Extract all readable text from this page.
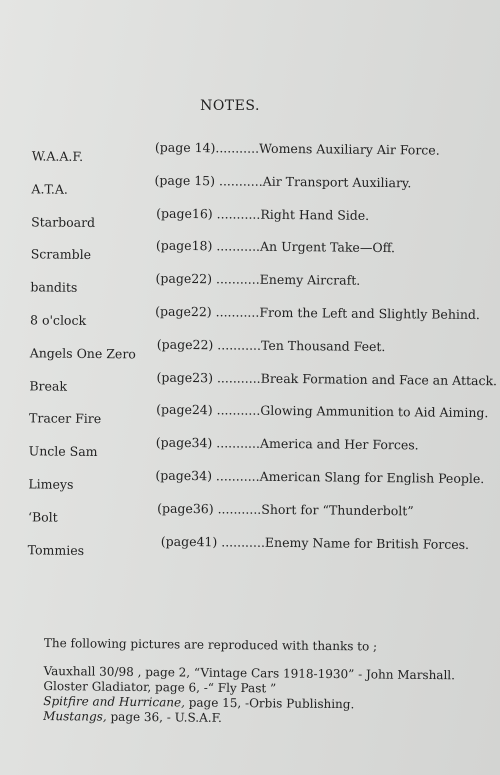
NOTES.
W.A.A.F.	(page 14)...........Womens Auxiliary Air Force.
A.T.A.	(page 15) ...........Air Transport Auxiliary.
Starboard	(page16) ...........Right Hand Side.
Scramble	(page18) ...........An Urgent Take—Off.
bandits	(page22) ...........Enemy Aircraft.
8 o'clock	(page22) ...........From the Left and Slightly Behind.
Angels One Zero (page22) ...........Ten Thousand Feet.
Break	(page23) ...........Break Formation and Face an Attack.
Tracer Fire	(page24) ...........Glowing Ammunition to Aid Aiming.
Uncle Sam	(page34) ...........America and Her Forces.
Limeys	(page34) ...........American Slang for English People.
‘Bolt	(page36) ...........Short for “Thunderbolt”
Tommies	(page41) ...........Enemy Name for British Forces.
The following pictures are reproduced with thanks to ;
Vauxhall 30/98 , page 2, “Vintage Cars 1918-1930” - John Marshall.
Gloster Gladiator, page 6, -“ Fly Past ”
Spitfire and Hurricane, page 15, -Orbis Publishing.
Mustangs, page 36, - U.S.A.F.
